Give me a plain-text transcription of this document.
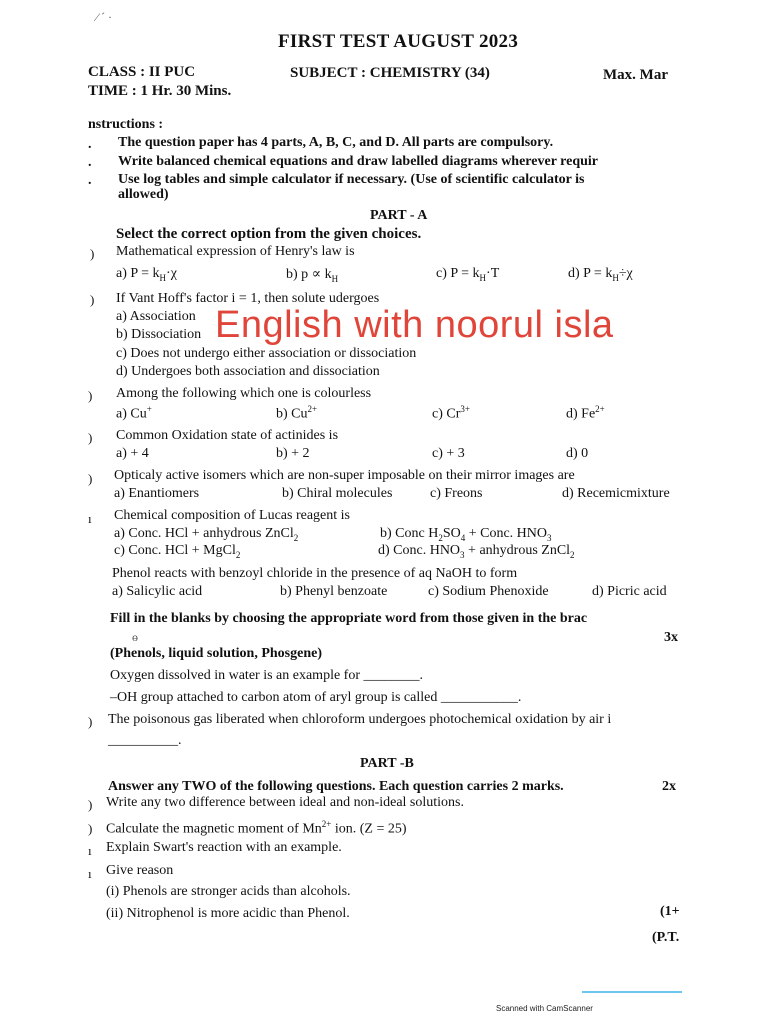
⁄ ˊ ·
FIRST TEST AUGUST 2023
CLASS : II PUC	SUBJECT : CHEMISTRY (34)	Max. Mar
TIME : 1 Hr. 30 Mins.
nstructions :
. The question paper has 4 parts, A, B, C, and D. All parts are compulsory.
. Write balanced chemical equations and draw labelled diagrams wherever requir
. Use log tables and simple calculator if necessary. (Use of scientific calculator is
allowed)
PART - A
Select the correct option from the given choices.
) Mathematical expression of Henry's law is
a) $P = k_H\cdot\chi$	b) $p \propto k_H$	c) $P = k_H\cdot T$	d) $P = k_H\div\chi$
) If Vant Hoff's factor i = 1, then solute udergoes
a) Association
b) Dissociation
c) Does not undergo either association or dissociation
d) Undergoes both association and dissociation
English with noorul isla
) Among the following which one is colourless
a) Cu+	b) $Cu^{2+}$	c) $Cr^{3+}$	d) $Fe^{2+}$
) Common Oxidation state of actinides is
a) + 4	b) + 2	c) + 3	d) 0
) Opticaly active isomers which are non-super imposable on their mirror images are
a) Enantiomers	b) Chiral molecules	c) Freons	d) Recemicmixture
ı Chemical composition of Lucas reagent is
a) Conc. HCl + anhydrous ZnCl$_2$	b) Conc $H_2SO_4$ + Conc. $HNO_3$
c) Conc. HCl + MgCl$_2$	d) Conc. $HNO_3$ + anhydrous ZnCl$_2$
Phenol reacts with benzoyl chloride in the presence of aq NaOH to form
a) Salicylic acid	b) Phenyl benzoate	c) Sodium Phenoxide	d) Picric acid
Fill in the blanks by choosing the appropriate word from those given in the brac
3x
ɵ
(Phenols, liquid solution, Phosgene)
Oxygen dissolved in water is an example for ________.
–OH group attached to carbon atom of aryl group is called ___________.
) The poisonous gas liberated when chloroform undergoes photochemical oxidation by air i
__________.
PART -B
Answer any TWO of the following questions. Each question carries 2 marks.	2x
) Write any two difference between ideal and non-ideal solutions.
) Calculate the magnetic moment of $Mn^{2+}$ ion. (Z = 25)
ı Explain Swart's reaction with an example.
ı Give reason
(i) Phenols are stronger acids than alcohols.
(ii) Nitrophenol is more acidic than Phenol.	(1+
(P.T.
Scanned with CamScanner
